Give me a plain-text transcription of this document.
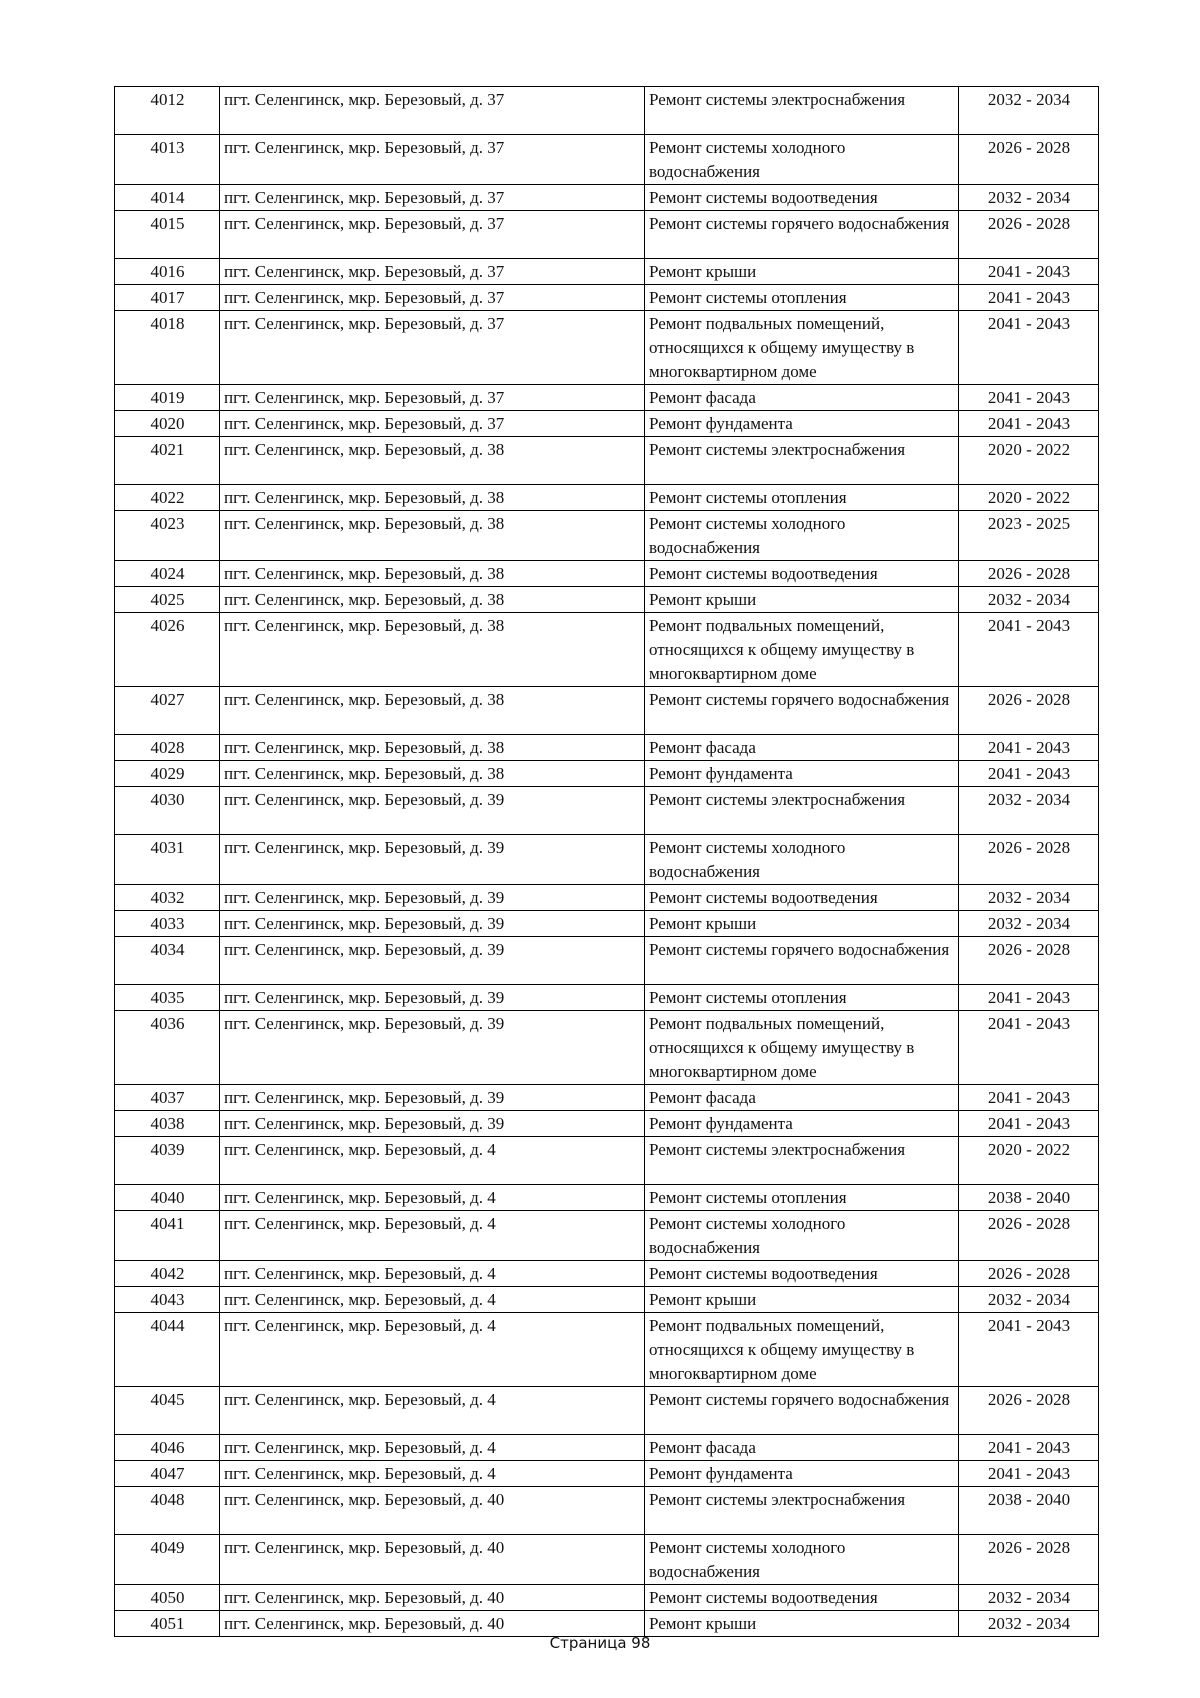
4012	пгт. Селенгинск, мкр. Березовый, д. 37	Ремонт системы электроснабжения	2032 - 2034
4013	пгт. Селенгинск, мкр. Березовый, д. 37	Ремонт системы холодного водоснабжения	2026 - 2028
4014	пгт. Селенгинск, мкр. Березовый, д. 37	Ремонт системы водоотведения	2032 - 2034
4015	пгт. Селенгинск, мкр. Березовый, д. 37	Ремонт системы горячего водоснабжения	2026 - 2028
4016	пгт. Селенгинск, мкр. Березовый, д. 37	Ремонт крыши	2041 - 2043
4017	пгт. Селенгинск, мкр. Березовый, д. 37	Ремонт системы отопления	2041 - 2043
4018	пгт. Селенгинск, мкр. Березовый, д. 37	Ремонт подвальных помещений, относящихся к общему имуществу в многоквартирном доме	2041 - 2043
4019	пгт. Селенгинск, мкр. Березовый, д. 37	Ремонт фасада	2041 - 2043
4020	пгт. Селенгинск, мкр. Березовый, д. 37	Ремонт фундамента	2041 - 2043
4021	пгт. Селенгинск, мкр. Березовый, д. 38	Ремонт системы электроснабжения	2020 - 2022
4022	пгт. Селенгинск, мкр. Березовый, д. 38	Ремонт системы отопления	2020 - 2022
4023	пгт. Селенгинск, мкр. Березовый, д. 38	Ремонт системы холодного водоснабжения	2023 - 2025
4024	пгт. Селенгинск, мкр. Березовый, д. 38	Ремонт системы водоотведения	2026 - 2028
4025	пгт. Селенгинск, мкр. Березовый, д. 38	Ремонт крыши	2032 - 2034
4026	пгт. Селенгинск, мкр. Березовый, д. 38	Ремонт подвальных помещений, относящихся к общему имуществу в многоквартирном доме	2041 - 2043
4027	пгт. Селенгинск, мкр. Березовый, д. 38	Ремонт системы горячего водоснабжения	2026 - 2028
4028	пгт. Селенгинск, мкр. Березовый, д. 38	Ремонт фасада	2041 - 2043
4029	пгт. Селенгинск, мкр. Березовый, д. 38	Ремонт фундамента	2041 - 2043
4030	пгт. Селенгинск, мкр. Березовый, д. 39	Ремонт системы электроснабжения	2032 - 2034
4031	пгт. Селенгинск, мкр. Березовый, д. 39	Ремонт системы холодного водоснабжения	2026 - 2028
4032	пгт. Селенгинск, мкр. Березовый, д. 39	Ремонт системы водоотведения	2032 - 2034
4033	пгт. Селенгинск, мкр. Березовый, д. 39	Ремонт крыши	2032 - 2034
4034	пгт. Селенгинск, мкр. Березовый, д. 39	Ремонт системы горячего водоснабжения	2026 - 2028
4035	пгт. Селенгинск, мкр. Березовый, д. 39	Ремонт системы отопления	2041 - 2043
4036	пгт. Селенгинск, мкр. Березовый, д. 39	Ремонт подвальных помещений, относящихся к общему имуществу в многоквартирном доме	2041 - 2043
4037	пгт. Селенгинск, мкр. Березовый, д. 39	Ремонт фасада	2041 - 2043
4038	пгт. Селенгинск, мкр. Березовый, д. 39	Ремонт фундамента	2041 - 2043
4039	пгт. Селенгинск, мкр. Березовый, д. 4	Ремонт системы электроснабжения	2020 - 2022
4040	пгт. Селенгинск, мкр. Березовый, д. 4	Ремонт системы отопления	2038 - 2040
4041	пгт. Селенгинск, мкр. Березовый, д. 4	Ремонт системы холодного водоснабжения	2026 - 2028
4042	пгт. Селенгинск, мкр. Березовый, д. 4	Ремонт системы водоотведения	2026 - 2028
4043	пгт. Селенгинск, мкр. Березовый, д. 4	Ремонт крыши	2032 - 2034
4044	пгт. Селенгинск, мкр. Березовый, д. 4	Ремонт подвальных помещений, относящихся к общему имуществу в многоквартирном доме	2041 - 2043
4045	пгт. Селенгинск, мкр. Березовый, д. 4	Ремонт системы горячего водоснабжения	2026 - 2028
4046	пгт. Селенгинск, мкр. Березовый, д. 4	Ремонт фасада	2041 - 2043
4047	пгт. Селенгинск, мкр. Березовый, д. 4	Ремонт фундамента	2041 - 2043
4048	пгт. Селенгинск, мкр. Березовый, д. 40	Ремонт системы электроснабжения	2038 - 2040
4049	пгт. Селенгинск, мкр. Березовый, д. 40	Ремонт системы холодного водоснабжения	2026 - 2028
4050	пгт. Селенгинск, мкр. Березовый, д. 40	Ремонт системы водоотведения	2032 - 2034
4051	пгт. Селенгинск, мкр. Березовый, д. 40	Ремонт крыши	2032 - 2034
Страница 98
